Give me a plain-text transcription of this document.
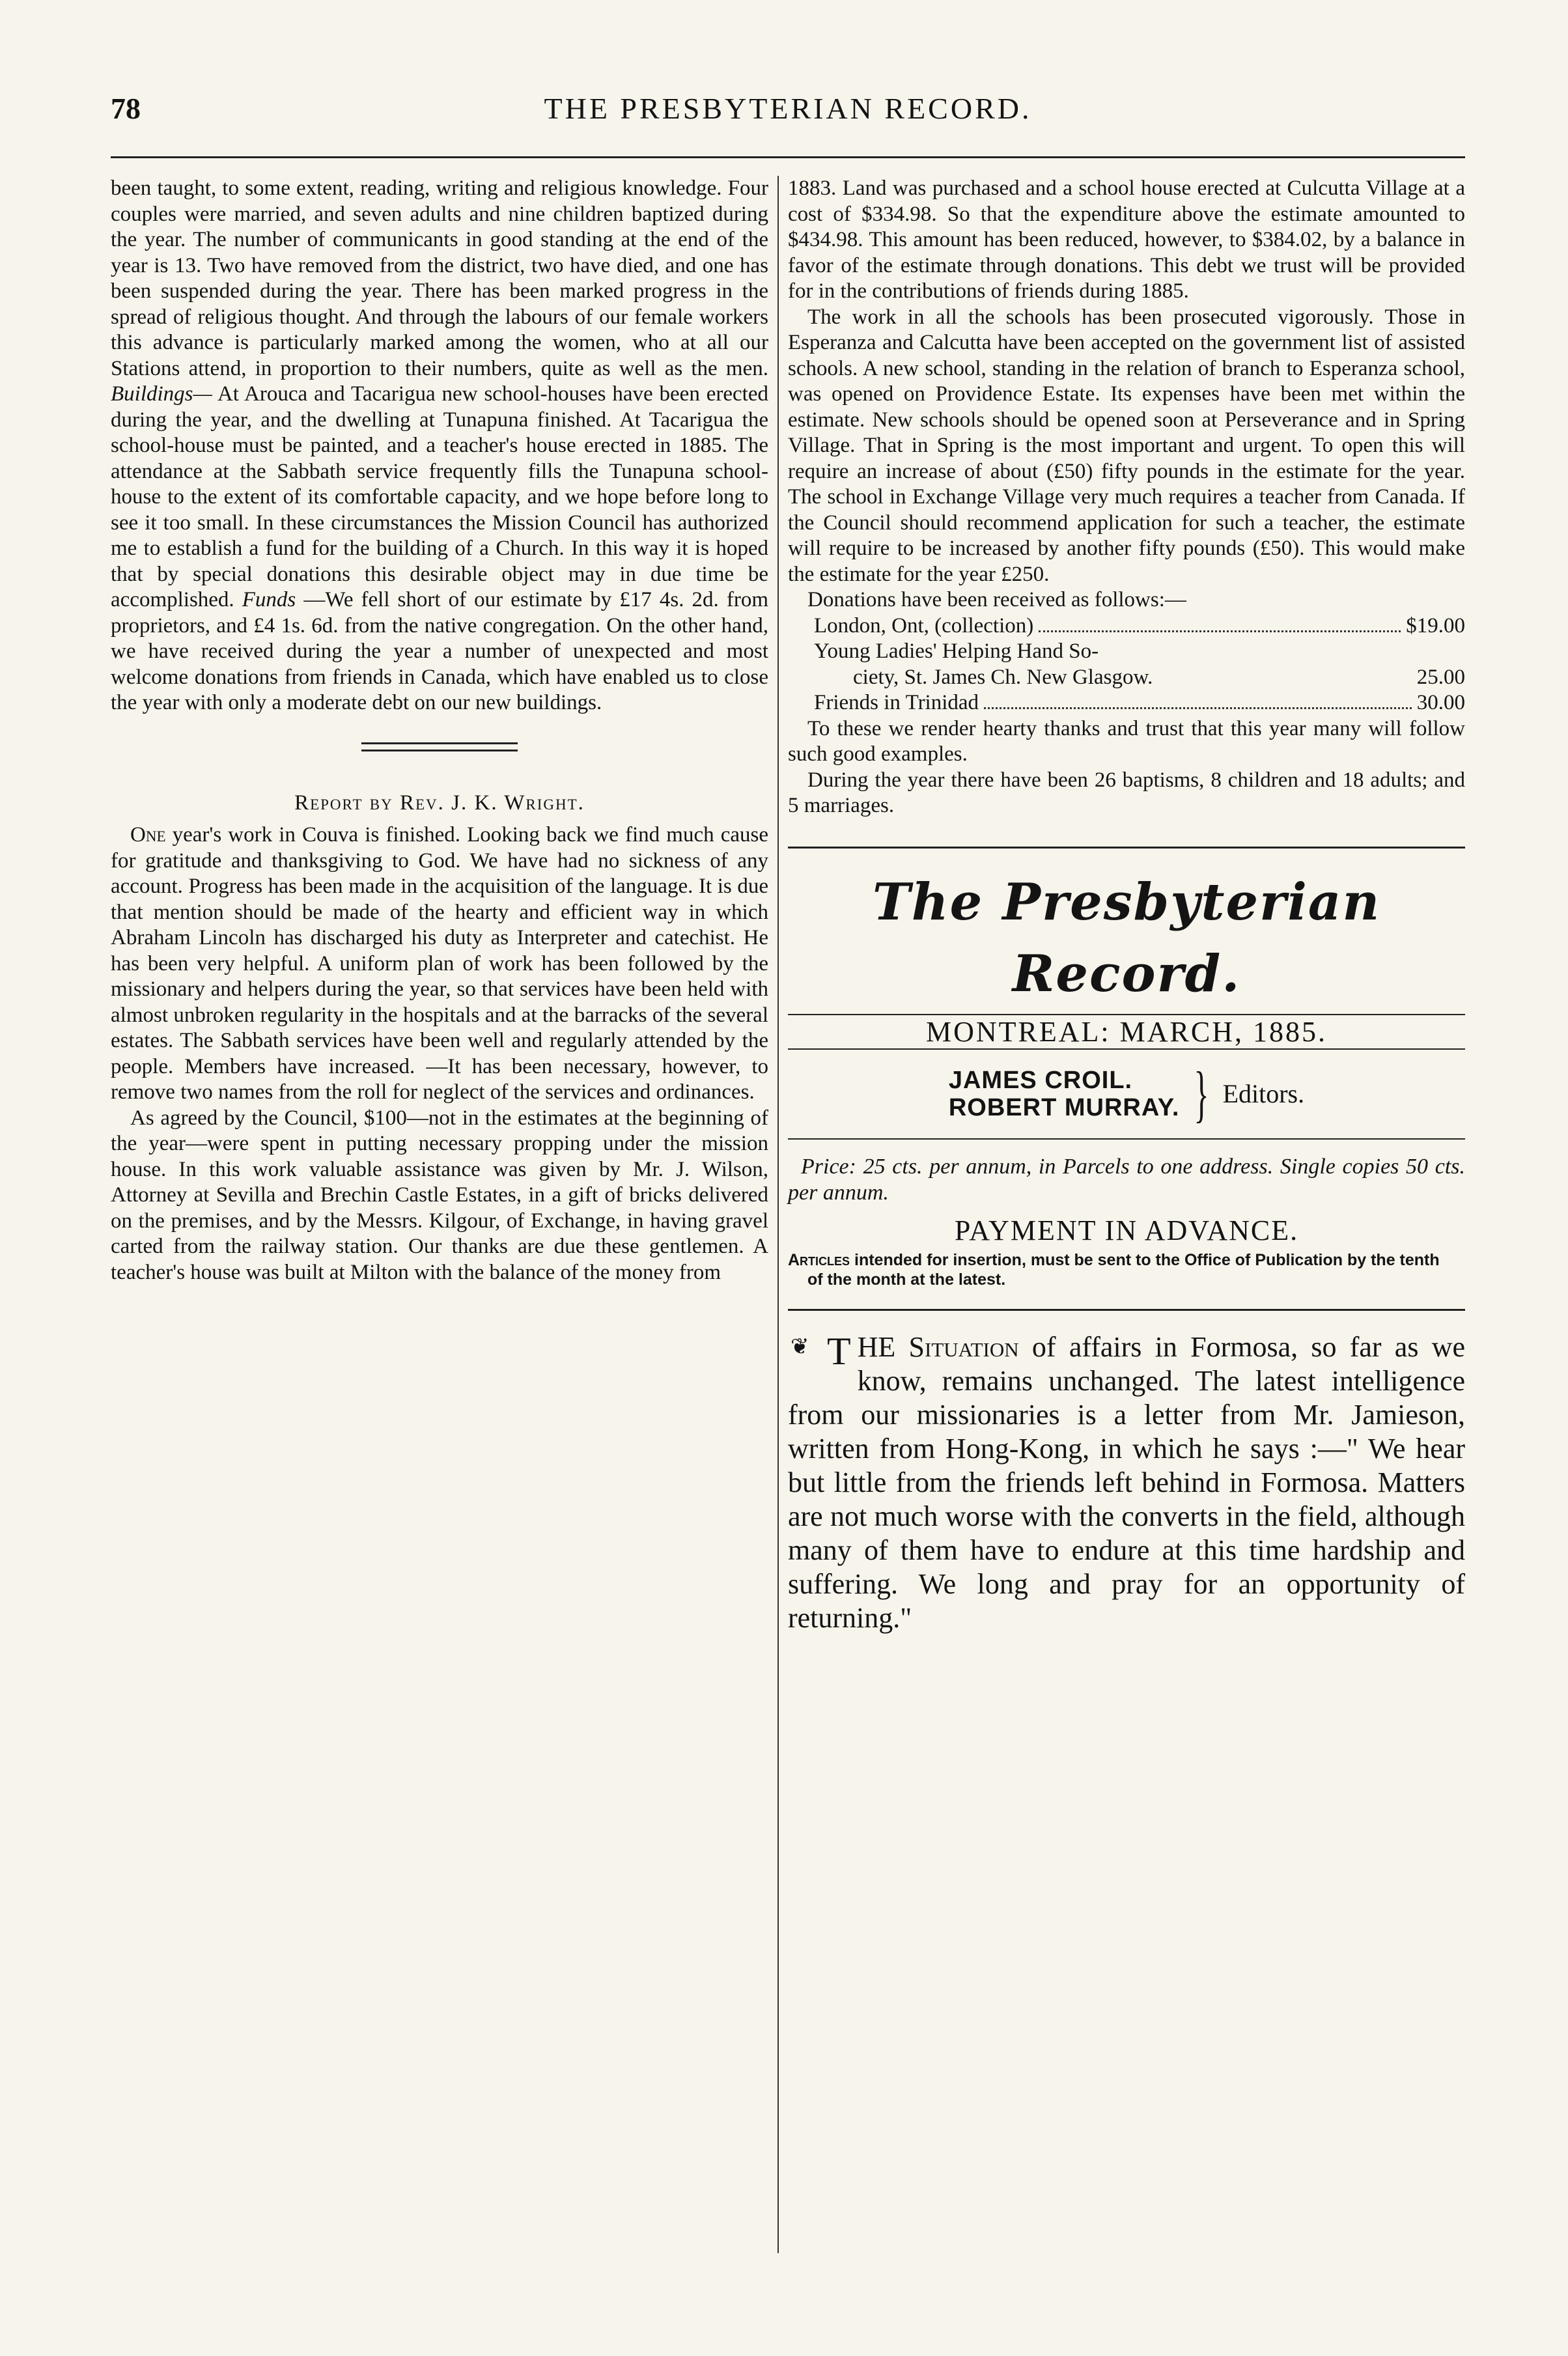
78	THE PRESBYTERIAN RECORD.

been taught, to some extent, reading, writing and religious knowledge. Four couples were married, and seven adults and nine children baptized during the year. The number of communicants in good standing at the end of the year is 13. Two have removed from the district, two have died, and one has been suspended during the year. There has been marked progress in the spread of religious thought. And through the labours of our female workers this advance is particularly marked among the women, who at all our Stations attend, in proportion to their numbers, quite as well as the men. Buildings— At Arouca and Tacarigua new school-houses have been erected during the year, and the dwelling at Tunapuna finished. At Tacarigua the school-house must be painted, and a teacher's house erected in 1885. The attendance at the Sabbath service frequently fills the Tunapuna school-house to the extent of its comfortable capacity, and we hope before long to see it too small. In these circumstances the Mission Council has authorized me to establish a fund for the building of a Church. In this way it is hoped that by special donations this desirable object may in due time be accomplished. Funds —We fell short of our estimate by £17 4s. 2d. from proprietors, and £4 1s. 6d. from the native congregation. On the other hand, we have received during the year a number of unexpected and most welcome donations from friends in Canada, which have enabled us to close the year with only a moderate debt on our new buildings.

Report by Rev. J. K. Wright.

One year's work in Couva is finished. Looking back we find much cause for gratitude and thanksgiving to God. We have had no sickness of any account. Progress has been made in the acquisition of the language. It is due that mention should be made of the hearty and efficient way in which Abraham Lincoln has discharged his duty as Interpreter and catechist. He has been very helpful. A uniform plan of work has been followed by the missionary and helpers during the year, so that services have been held with almost unbroken regularity in the hospitals and at the barracks of the several estates. The Sabbath services have been well and regularly attended by the people. Members have increased. —It has been necessary, however, to remove two names from the roll for neglect of the services and ordinances.

As agreed by the Council, $100—not in the estimates at the beginning of the year—were spent in putting necessary propping under the mission house. In this work valuable assistance was given by Mr. J. Wilson, Attorney at Sevilla and Brechin Castle Estates, in a gift of bricks delivered on the premises, and by the Messrs. Kilgour, of Exchange, in having gravel carted from the railway station. Our thanks are due these gentlemen. A teacher's house was built at Milton with the balance of the money from

1883. Land was purchased and a school house erected at Culcutta Village at a cost of $334.98. So that the expenditure above the estimate amounted to $434.98. This amount has been reduced, however, to $384.02, by a balance in favor of the estimate through donations. This debt we trust will be provided for in the contributions of friends during 1885.

The work in all the schools has been prosecuted vigorously. Those in Esperanza and Calcutta have been accepted on the government list of assisted schools. A new school, standing in the relation of branch to Esperanza school, was opened on Providence Estate. Its expenses have been met within the estimate. New schools should be opened soon at Perseverance and in Spring Village. That in Spring is the most important and urgent. To open this will require an increase of about (£50) fifty pounds in the estimate for the year. The school in Exchange Village very much requires a teacher from Canada. If the Council should recommend application for such a teacher, the estimate will require to be increased by another fifty pounds (£50). This would make the estimate for the year £250.

Donations have been received as follows:—

London, Ont, (collection)	$19.00
Young Ladies' Helping Hand So-
ciety, St. James Ch. New Glasgow.	25.00
Friends in Trinidad	30.00

To these we render hearty thanks and trust that this year many will follow such good examples.

During the year there have been 26 baptisms, 8 children and 18 adults; and 5 marriages.

The Presbyterian Record.
MONTREAL: MARCH, 1885.
JAMES CROIL.
ROBERT MURRAY. } Editors.

Price: 25 cts. per annum, in Parcels to one address. Single copies 50 cts. per annum.

PAYMENT IN ADVANCE.
Articles intended for insertion, must be sent to the Office of Publication by the tenth of the month at the latest.

❦ T HE Situation of affairs in Formosa, so far as we know, remains unchanged. The latest intelligence from our missionaries is a letter from Mr. Jamieson, written from Hong-Kong, in which he says :—" We hear but little from the friends left behind in Formosa. Matters are not much worse with the converts in the field, although many of them have to endure at this time hardship and suffering. We long and pray for an opportunity of returning."
